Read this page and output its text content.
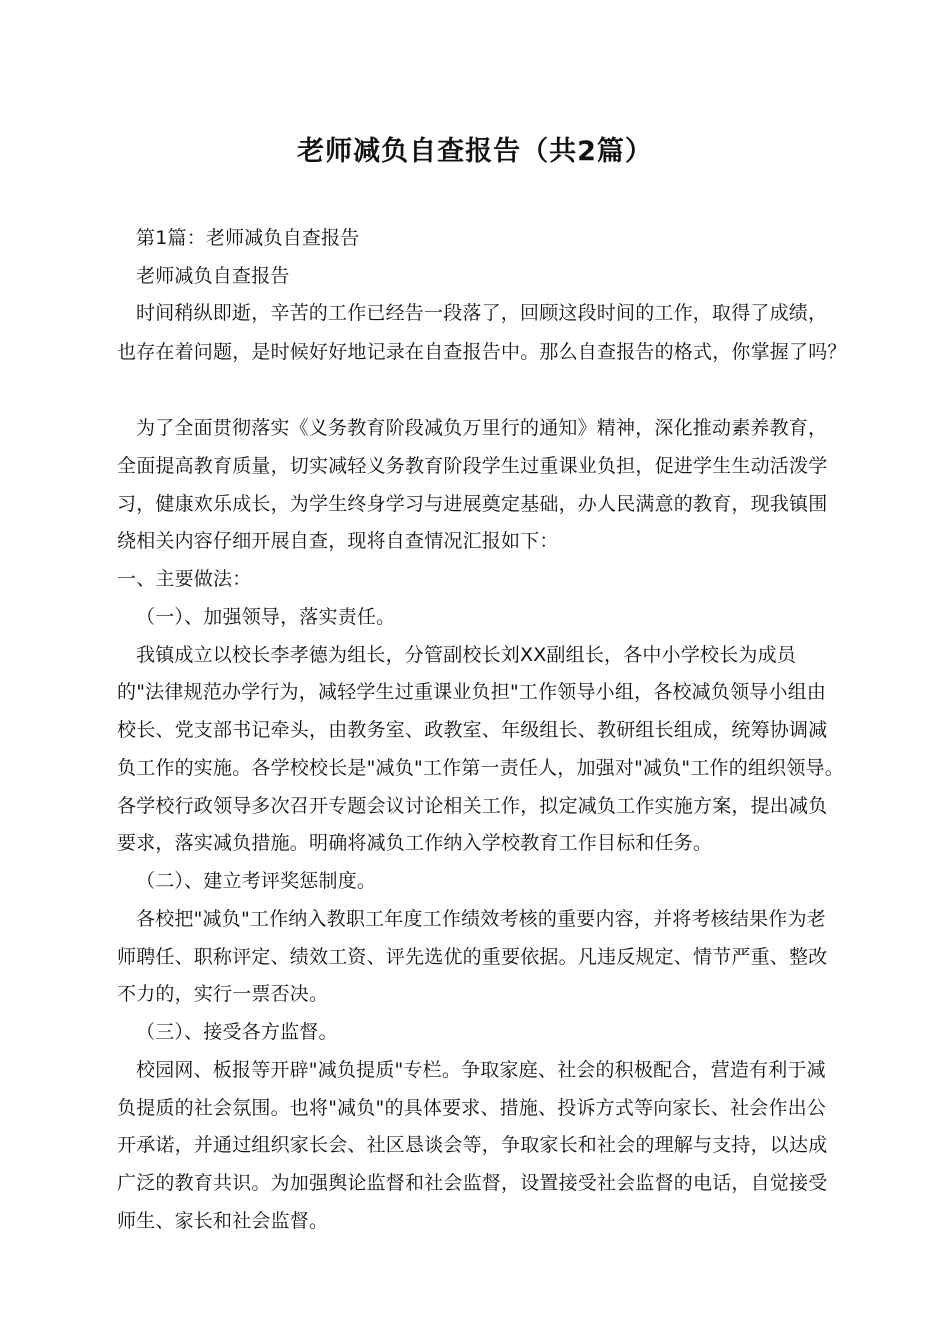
老师减负自查报告（共2篇）
第1篇：老师减负自查报告
老师减负自查报告
时间稍纵即逝，辛苦的工作已经告一段落了，回顾这段时间的工作，取得了成绩，
也存在着问题，是时候好好地记录在自查报告中。那么自查报告的格式，你掌握了吗？
为了全面贯彻落实《义务教育阶段减负万里行的通知》精神，深化推动素养教育，
全面提高教育质量，切实减轻义务教育阶段学生过重课业负担，促进学生生动活泼学
习，健康欢乐成长，为学生终身学习与进展奠定基础，办人民满意的教育，现我镇围
绕相关内容仔细开展自查，现将自查情况汇报如下：
一、主要做法：
（一）、加强领导，落实责任。
我镇成立以校长李孝德为组长，分管副校长刘XX副组长，各中小学校长为成员
的"法律规范办学行为，减轻学生过重课业负担"工作领导小组，各校减负领导小组由
校长、党支部书记牵头，由教务室、政教室、年级组长、教研组长组成，统筹协调减
负工作的实施。各学校校长是"减负"工作第一责任人，加强对"减负"工作的组织领导。
各学校行政领导多次召开专题会议讨论相关工作，拟定减负工作实施方案，提出减负
要求，落实减负措施。明确将减负工作纳入学校教育工作目标和任务。
（二）、建立考评奖惩制度。
各校把"减负"工作纳入教职工年度工作绩效考核的重要内容，并将考核结果作为老
师聘任、职称评定、绩效工资、评先选优的重要依据。凡违反规定、情节严重、整改
不力的，实行一票否决。
（三）、接受各方监督。
校园网、板报等开辟"减负提质"专栏。争取家庭、社会的积极配合，营造有利于减
负提质的社会氛围。也将"减负"的具体要求、措施、投诉方式等向家长、社会作出公
开承诺，并通过组织家长会、社区恳谈会等，争取家长和社会的理解与支持，以达成
广泛的教育共识。为加强舆论监督和社会监督，设置接受社会监督的电话，自觉接受
师生、家长和社会监督。
